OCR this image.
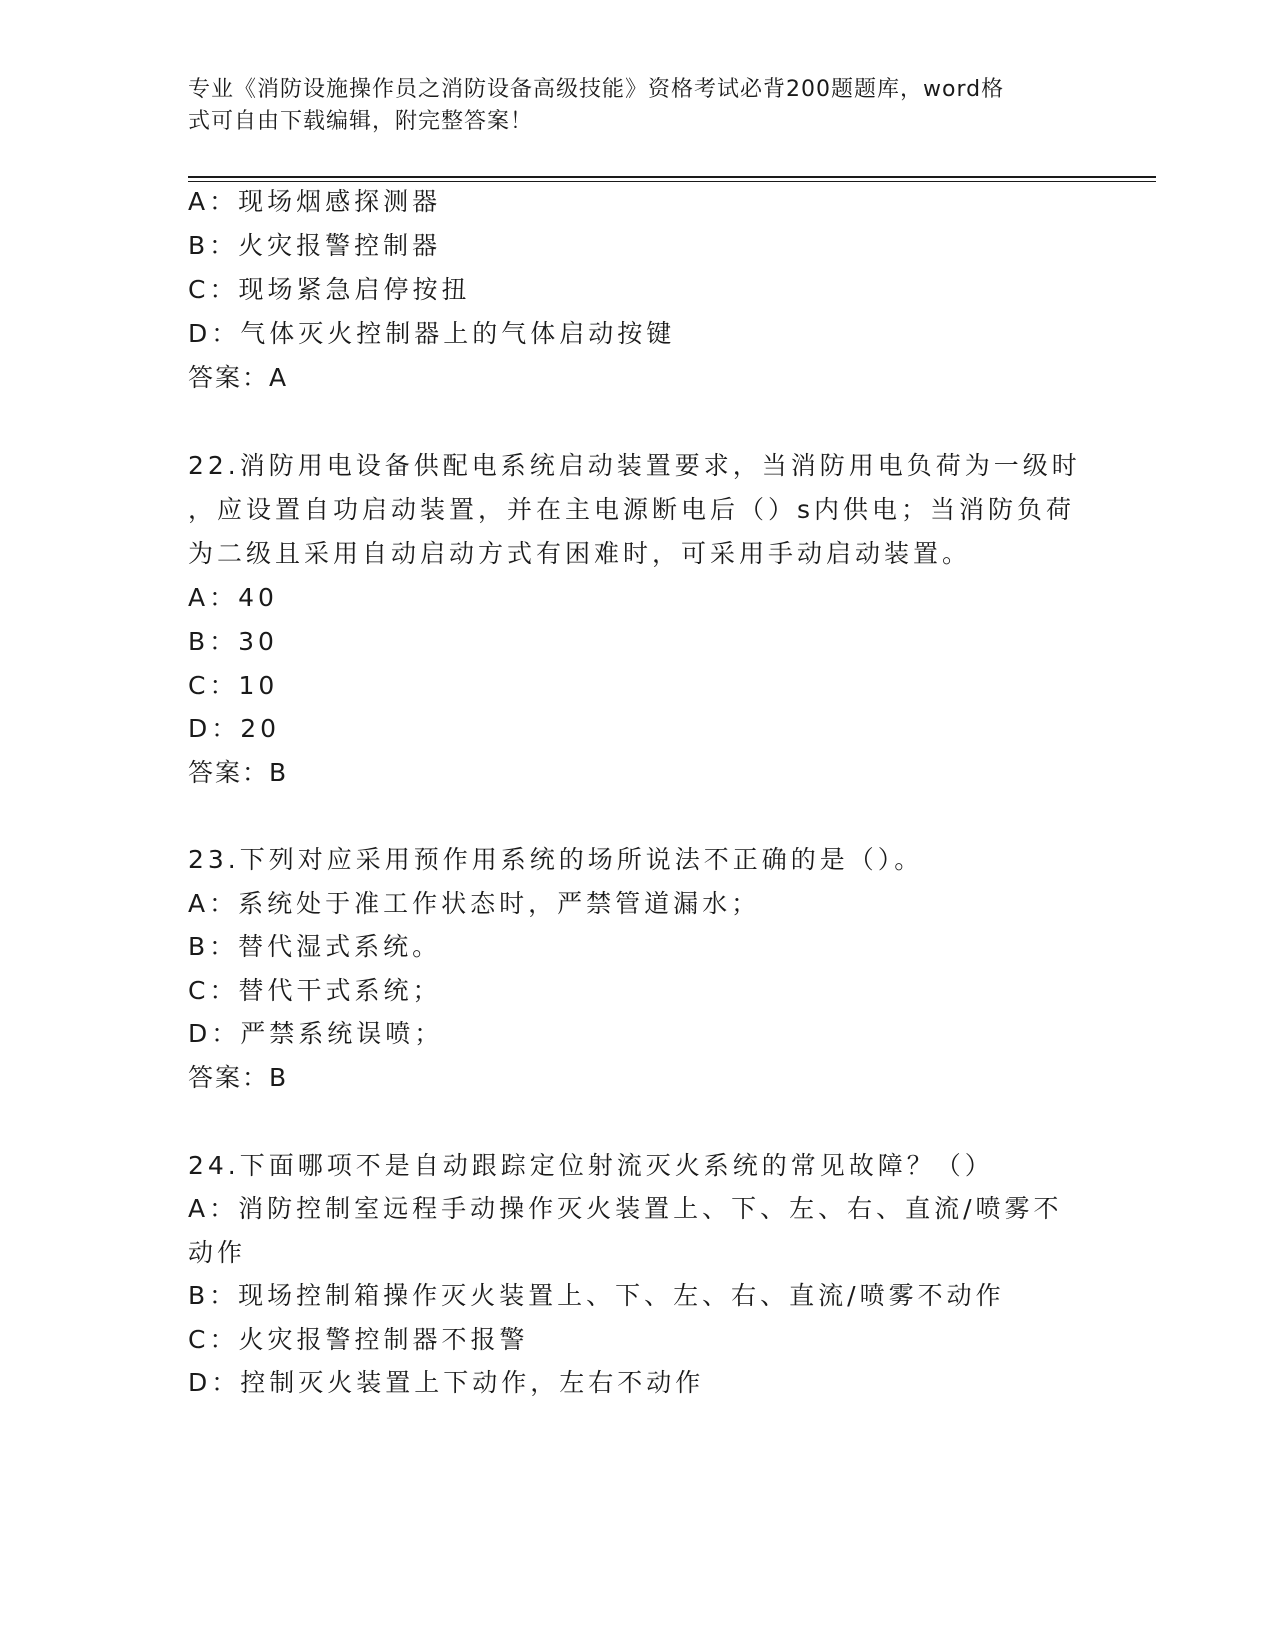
专业《消防设施操作员之消防设备高级技能》资格考试必背200题题库，word格
式可自由下载编辑，附完整答案！
A：现场烟感探测器
B：火灾报警控制器
C：现场紧急启停按扭
D：气体灭火控制器上的气体启动按键
答案：A
22.消防用电设备供配电系统启动装置要求，当消防用电负荷为一级时
，应设置自功启动装置，并在主电源断电后（）s内供电；当消防负荷
为二级且采用自动启动方式有困难时，可采用手动启动装置。
A：40
B：30
C：10
D：20
答案：B
23.下列对应采用预作用系统的场所说法不正确的是（）。
A：系统处于准工作状态时，严禁管道漏水；
B：替代湿式系统。
C：替代干式系统；
D：严禁系统误喷；
答案：B
24.下面哪项不是自动跟踪定位射流灭火系统的常见故障？（）
A：消防控制室远程手动操作灭火装置上、下、左、右、直流/喷雾不
动作
B：现场控制箱操作灭火装置上、下、左、右、直流/喷雾不动作
C：火灾报警控制器不报警
D：控制灭火装置上下动作，左右不动作
